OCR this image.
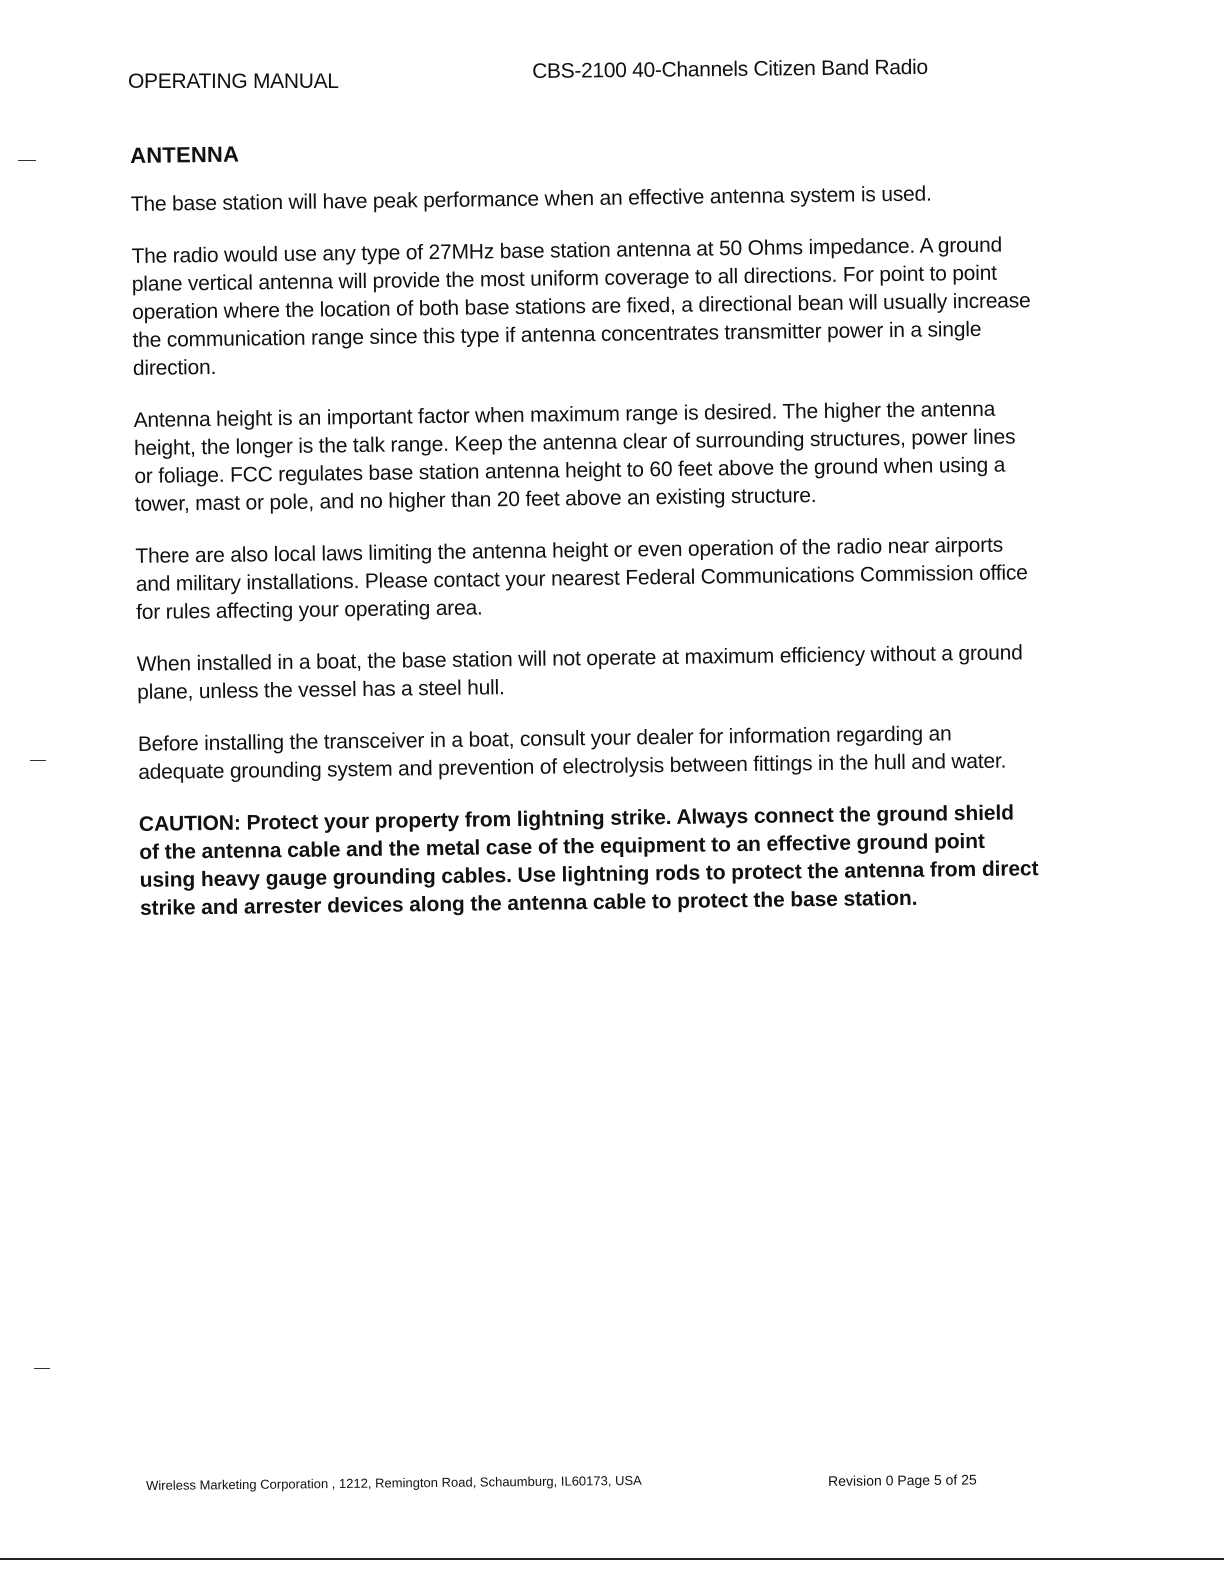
OPERATING MANUAL	CBS-2100 40-Channels Citizen Band Radio
ANTENNA

The base station will have peak performance when an effective antenna system is used.

The radio would use any type of 27MHz base station antenna at 50 Ohms impedance. A ground plane vertical antenna will provide the most uniform coverage to all directions. For point to point operation where the location of both base stations are fixed, a directional bean will usually increase the communication range since this type if antenna concentrates transmitter power in a single direction.

Antenna height is an important factor when maximum range is desired. The higher the antenna height, the longer is the talk range. Keep the antenna clear of surrounding structures, power lines or foliage. FCC regulates base station antenna height to 60 feet above the ground when using a tower, mast or pole, and no higher than 20 feet above an existing structure.

There are also local laws limiting the antenna height or even operation of the radio near airports and military installations. Please contact your nearest Federal Communications Commission office for rules affecting your operating area.

When installed in a boat, the base station will not operate at maximum efficiency without a ground plane, unless the vessel has a steel hull.

Before installing the transceiver in a boat, consult your dealer for information regarding an adequate grounding system and prevention of electrolysis between fittings in the hull and water.

CAUTION: Protect your property from lightning strike. Always connect the ground shield of the antenna cable and the metal case of the equipment to an effective ground point using heavy gauge grounding cables. Use lightning rods to protect the antenna from direct strike and arrester devices along the antenna cable to protect the base station.

Wireless Marketing Corporation , 1212, Remington Road, Schaumburg, IL60173, USA	Revision 0 Page 5 of 25
